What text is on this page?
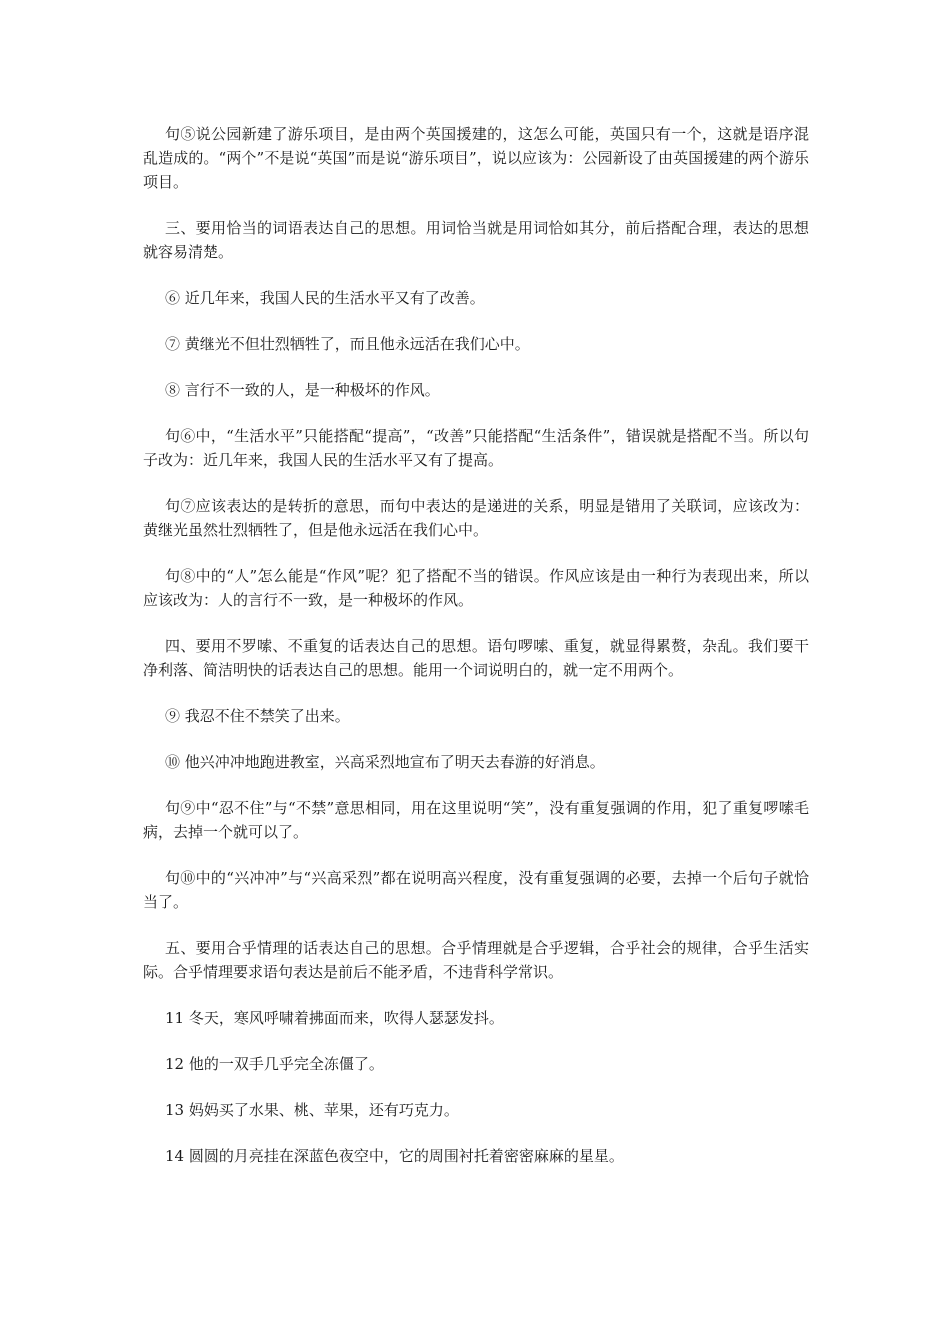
句⑤说公园新建了游乐项目，是由两个英国援建的，这怎么可能，英国只有一个，这就是语序混乱造成的。“两个”不是说“英国”而是说“游乐项目”，说以应该为：公园新设了由英国援建的两个游乐项目。

三、要用恰当的词语表达自己的思想。用词恰当就是用词恰如其分，前后搭配合理，表达的思想就容易清楚。

⑥ 近几年来，我国人民的生活水平又有了改善。

⑦ 黄继光不但壮烈牺牲了，而且他永远活在我们心中。

⑧ 言行不一致的人，是一种极坏的作风。

句⑥中，“生活水平”只能搭配“提高”，“改善”只能搭配“生活条件”，错误就是搭配不当。所以句子改为：近几年来，我国人民的生活水平又有了提高。

句⑦应该表达的是转折的意思，而句中表达的是递进的关系，明显是错用了关联词，应该改为：黄继光虽然壮烈牺牲了，但是他永远活在我们心中。

句⑧中的“人”怎么能是“作风”呢？犯了搭配不当的错误。作风应该是由一种行为表现出来，所以应该改为：人的言行不一致，是一种极坏的作风。

四、要用不罗嗦、不重复的话表达自己的思想。语句啰嗦、重复，就显得累赘，杂乱。我们要干净利落、简洁明快的话表达自己的思想。能用一个词说明白的，就一定不用两个。

⑨ 我忍不住不禁笑了出来。

⑩ 他兴冲冲地跑进教室，兴高采烈地宣布了明天去春游的好消息。

句⑨中“忍不住”与“不禁”意思相同，用在这里说明“笑”，没有重复强调的作用，犯了重复啰嗦毛病，去掉一个就可以了。

句⑩中的“兴冲冲”与“兴高采烈”都在说明高兴程度，没有重复强调的必要，去掉一个后句子就恰当了。

五、要用合乎情理的话表达自己的思想。合乎情理就是合乎逻辑，合乎社会的规律，合乎生活实际。合乎情理要求语句表达是前后不能矛盾，不违背科学常识。

11 冬天，寒风呼啸着拂面而来，吹得人瑟瑟发抖。

12 他的一双手几乎完全冻僵了。

13 妈妈买了水果、桃、苹果，还有巧克力。

14 圆圆的月亮挂在深蓝色夜空中，它的周围衬托着密密麻麻的星星。
